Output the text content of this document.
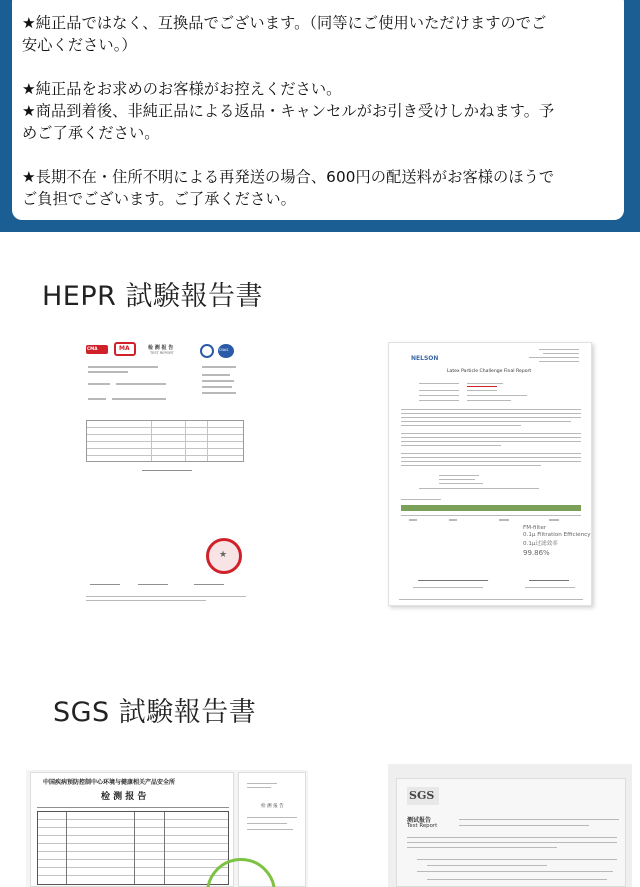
★純正品ではなく、互換品でございます。（同等にご使用いただけますのでご
安心ください。）
★純正品をお求めのお客様がお控えください。
★商品到着後、非純正品による返品・キャンセルがお引き受けしかねます。予
めご了承ください。
★長期不在・住所不明による再発送の場合、600円の配送料がお客様のほうで
ご負担でございます。ご了承ください。
HEPR 試験報告書
CMA	MA	检 测 报 告
TEST REPORT
CNAS
★
NELSON
Latex Particle Challenge Final Report
FM-filter
0.1μ Filtration Efficiency
0.1μ过滤效率
99.86%
SGS 試験報告書
中国疾病预防控制中心环境与健康相关产品安全所
检 测 报 告
检 测 报 告
SGS
测试报告
Test Report
